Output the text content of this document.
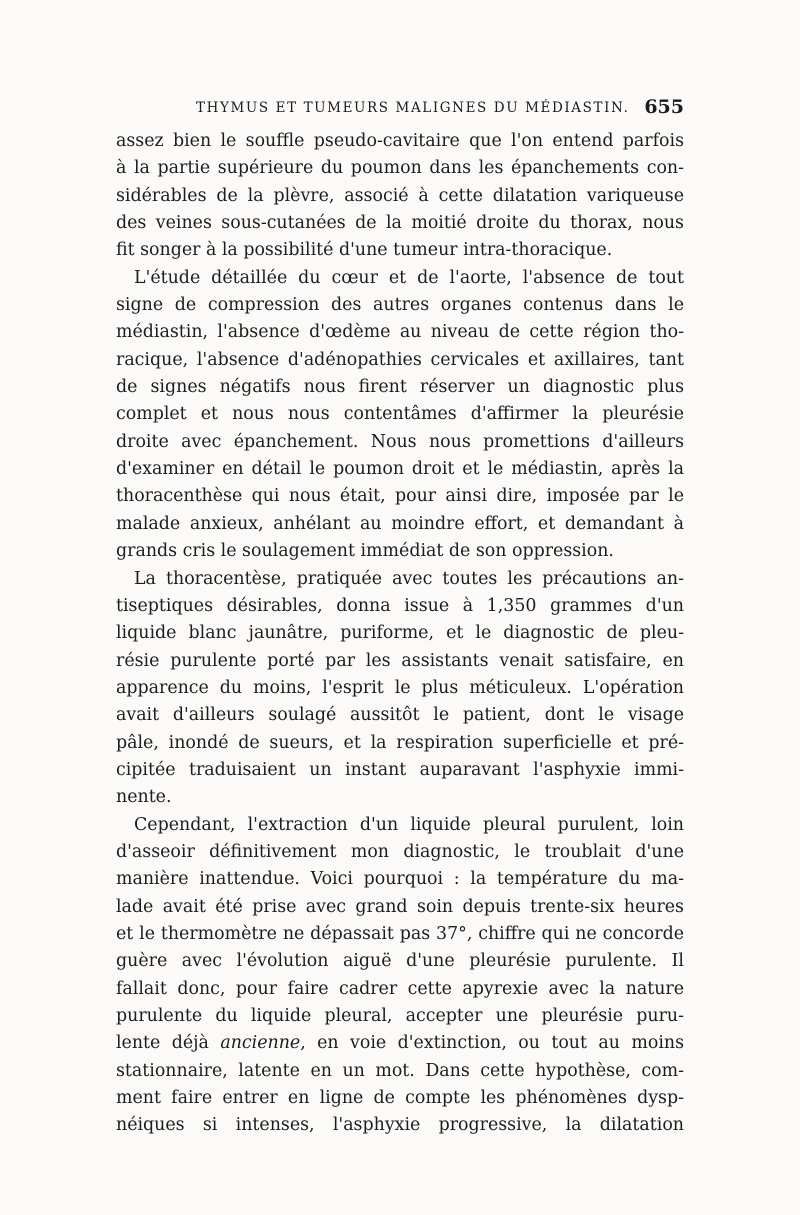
THYMUS ET TUMEURS MALIGNES DU MÉDIASTIN. 655
assez bien le souffle pseudo-cavitaire que l'on entend parfois
à la partie supérieure du poumon dans les épanchements con-
sidérables de la plèvre, associé à cette dilatation variqueuse
des veines sous-cutanées de la moitié droite du thorax, nous
fit songer à la possibilité d'une tumeur intra-thoracique.
L'étude détaillée du cœur et de l'aorte, l'absence de tout
signe de compression des autres organes contenus dans le
médiastin, l'absence d'œdème au niveau de cette région tho-
racique, l'absence d'adénopathies cervicales et axillaires, tant
de signes négatifs nous firent réserver un diagnostic plus
complet et nous nous contentâmes d'affirmer la pleurésie
droite avec épanchement. Nous nous promettions d'ailleurs
d'examiner en détail le poumon droit et le médiastin, après la
thoracenthèse qui nous était, pour ainsi dire, imposée par le
malade anxieux, anhélant au moindre effort, et demandant à
grands cris le soulagement immédiat de son oppression.
La thoracentèse, pratiquée avec toutes les précautions an-
tiseptiques désirables, donna issue à 1,350 grammes d'un
liquide blanc jaunâtre, puriforme, et le diagnostic de pleu-
résie purulente porté par les assistants venait satisfaire, en
apparence du moins, l'esprit le plus méticuleux. L'opération
avait d'ailleurs soulagé aussitôt le patient, dont le visage
pâle, inondé de sueurs, et la respiration superficielle et pré-
cipitée traduisaient un instant auparavant l'asphyxie immi-
nente.
Cependant, l'extraction d'un liquide pleural purulent, loin
d'asseoir définitivement mon diagnostic, le troublait d'une
manière inattendue. Voici pourquoi : la température du ma-
lade avait été prise avec grand soin depuis trente-six heures
et le thermomètre ne dépassait pas 37°, chiffre qui ne concorde
guère avec l'évolution aiguë d'une pleurésie purulente. Il
fallait donc, pour faire cadrer cette apyrexie avec la nature
purulente du liquide pleural, accepter une pleurésie puru-
lente déjà ancienne, en voie d'extinction, ou tout au moins
stationnaire, latente en un mot. Dans cette hypothèse, com-
ment faire entrer en ligne de compte les phénomènes dysp-
néiques si intenses, l'asphyxie progressive, la dilatation
